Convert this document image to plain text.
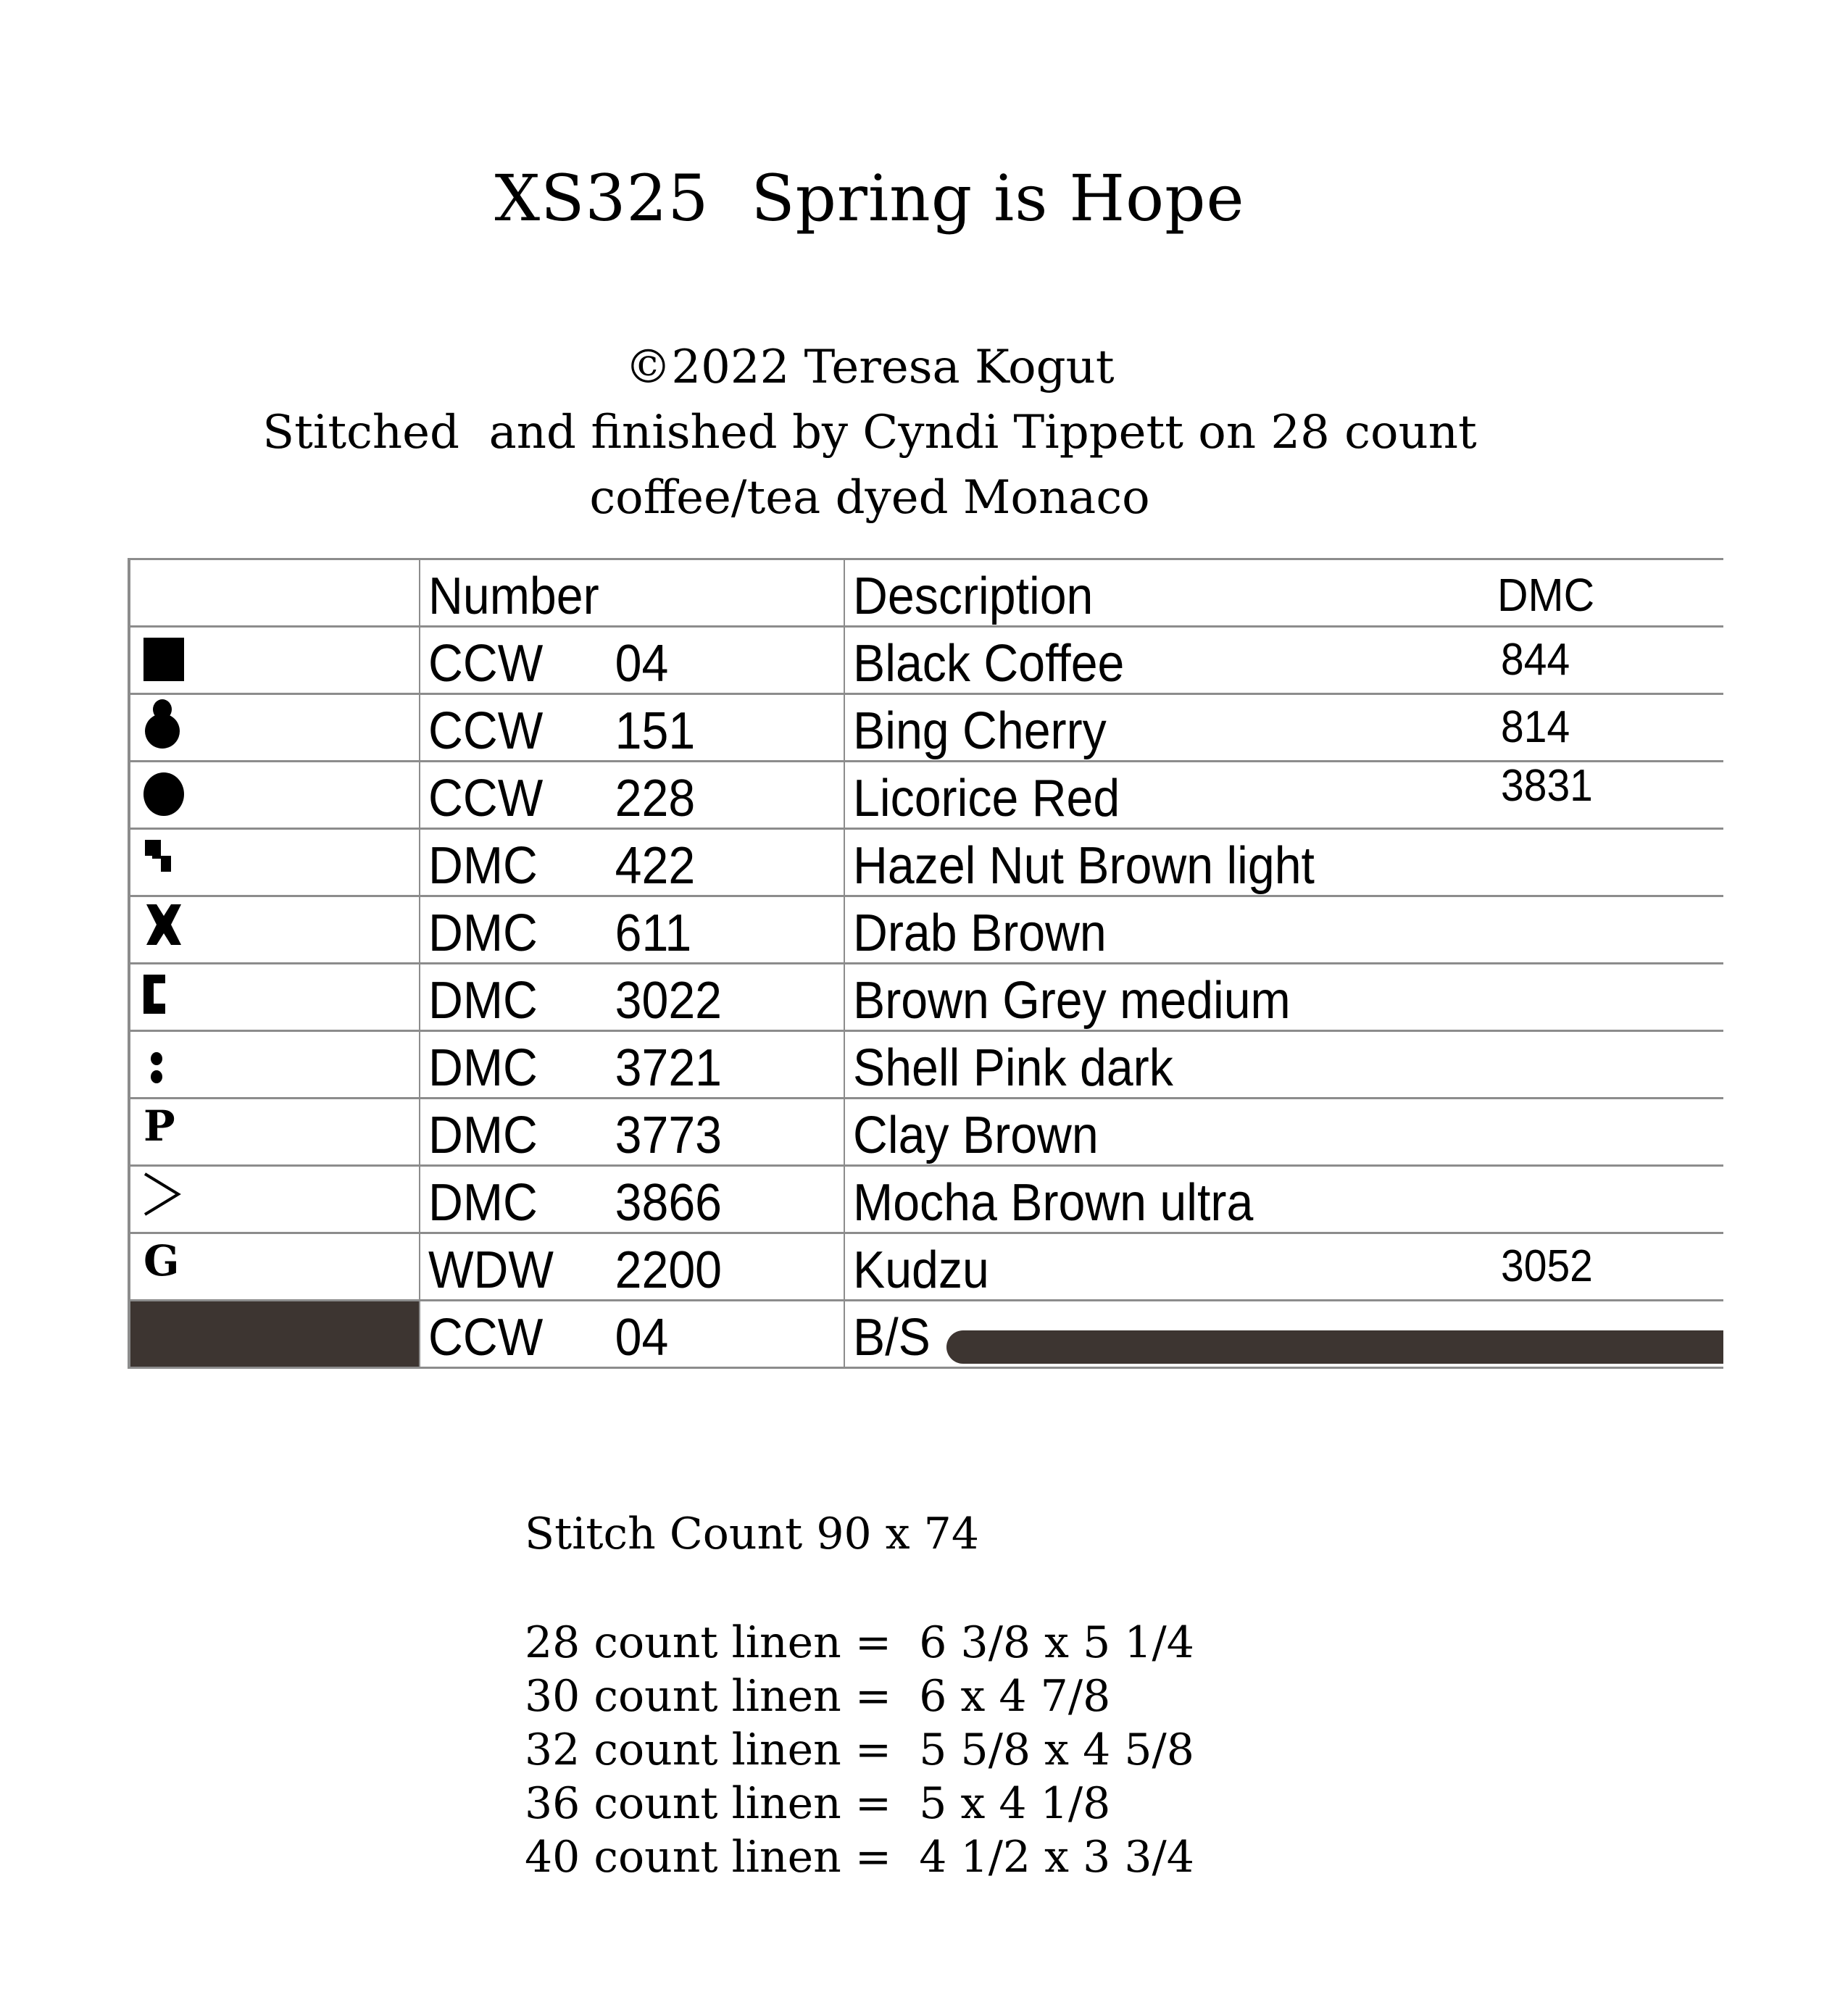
XS325  Spring is Hope
©2022 Teresa Kogut
Stitched  and finished by Cyndi Tippett on 28 count
coffee/tea dyed Monaco
	Number	Description DMC

	CCW 04	Black Coffee 844

	CCW 151	Bing Cherry 814

	CCW 228	Licorice Red 3831

	DMC 422	Hazel Nut Brown light

	DMC 611	Drab Brown

	DMC 3022	Brown Grey medium

	DMC 3721	Shell Pink dark

P	DMC 3773	Clay Brown

	DMC 3866	Mocha Brown ultra

G	WDW 2200	Kudzu 3052

	CCW 04	B/S
Stitch Count 90 x 74
28 count linen =  6 3/8 x 5 1/4
30 count linen =  6 x 4 7/8
32 count linen =  5 5/8 x 4 5/8
36 count linen =  5 x 4 1/8
40 count linen =  4 1/2 x 3 3/4
